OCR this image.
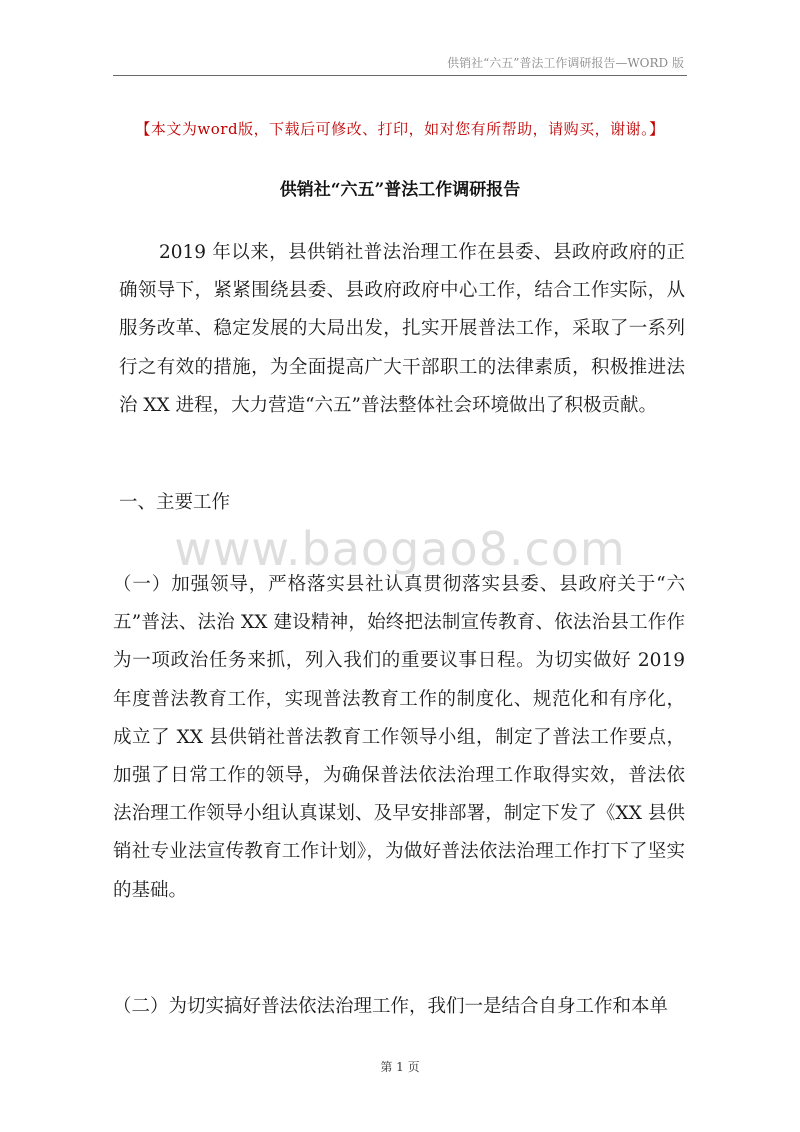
供销社“六五”普法工作调研报告—WORD 版
【本文为word版，下载后可修改、打印，如对您有所帮助，请购买，谢谢。】
供销社“六五”普法工作调研报告
2019 年以来，县供销社普法治理工作在县委、县政府政府的正确领导下，紧紧围绕县委、县政府政府中心工作，结合工作实际，从服务改革、稳定发展的大局出发，扎实开展普法工作，采取了一系列行之有效的措施，为全面提高广大干部职工的法律素质，积极推进法治 XX 进程，大力营造“六五”普法整体社会环境做出了积极贡献。
一、主要工作
www.baogao8.com
（一）加强领导，严格落实县社认真贯彻落实县委、县政府关于“六五”普法、法治 XX 建设精神，始终把法制宣传教育、依法治县工作作为一项政治任务来抓，列入我们的重要议事日程。为切实做好 2019 年度普法教育工作，实现普法教育工作的制度化、规范化和有序化，成立了 XX 县供销社普法教育工作领导小组，制定了普法工作要点，加强了日常工作的领导，为确保普法依法治理工作取得实效，普法依法治理工作领导小组认真谋划、及早安排部署，制定下发了《XX 县供销社专业法宣传教育工作计划》，为做好普法依法治理工作打下了坚实的基础。
（二）为切实搞好普法依法治理工作，我们一是结合自身工作和本单
第 1 页
